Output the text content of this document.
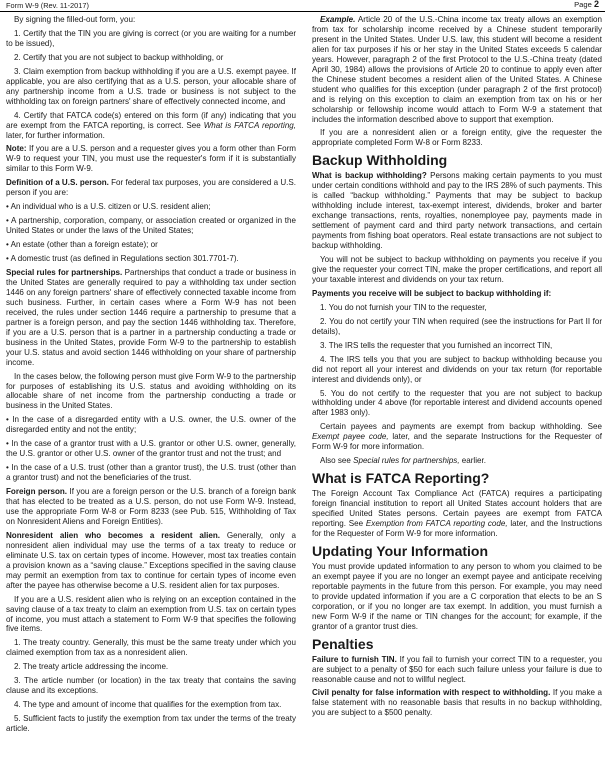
Form W-9 (Rev. 11-2017)	Page 2

By signing the filled-out form, you:

1. Certify that the TIN you are giving is correct (or you are waiting for a number to be issued),

2. Certify that you are not subject to backup withholding, or

3. Claim exemption from backup withholding if you are a U.S. exempt payee. If applicable, you are also certifying that as a U.S. person, your allocable share of any partnership income from a U.S. trade or business is not subject to the withholding tax on foreign partners' share of effectively connected income, and

4. Certify that FATCA code(s) entered on this form (if any) indicating that you are exempt from the FATCA reporting, is correct. See What is FATCA reporting, later, for further information.

Note: If you are a U.S. person and a requester gives you a form other than Form W-9 to request your TIN, you must use the requester's form if it is substantially similar to this Form W-9.

Definition of a U.S. person. For federal tax purposes, you are considered a U.S. person if you are:

• An individual who is a U.S. citizen or U.S. resident alien;

• A partnership, corporation, company, or association created or organized in the United States or under the laws of the United States;

• An estate (other than a foreign estate); or

• A domestic trust (as defined in Regulations section 301.7701-7).

Special rules for partnerships. Partnerships that conduct a trade or business in the United States are generally required to pay a withholding tax under section 1446 on any foreign partners' share of effectively connected taxable income from such business. Further, in certain cases where a Form W-9 has not been received, the rules under section 1446 require a partnership to presume that a partner is a foreign person, and pay the section 1446 withholding tax. Therefore, if you are a U.S. person that is a partner in a partnership conducting a trade or business in the United States, provide Form W-9 to the partnership to establish your U.S. status and avoid section 1446 withholding on your share of partnership income.

In the cases below, the following person must give Form W-9 to the partnership for purposes of establishing its U.S. status and avoiding withholding on its allocable share of net income from the partnership conducting a trade or business in the United States.

• In the case of a disregarded entity with a U.S. owner, the U.S. owner of the disregarded entity and not the entity;

• In the case of a grantor trust with a U.S. grantor or other U.S. owner, generally, the U.S. grantor or other U.S. owner of the grantor trust and not the trust; and

• In the case of a U.S. trust (other than a grantor trust), the U.S. trust (other than a grantor trust) and not the beneficiaries of the trust.

Foreign person. If you are a foreign person or the U.S. branch of a foreign bank that has elected to be treated as a U.S. person, do not use Form W-9. Instead, use the appropriate Form W-8 or Form 8233 (see Pub. 515, Withholding of Tax on Nonresident Aliens and Foreign Entities).

Nonresident alien who becomes a resident alien. Generally, only a nonresident alien individual may use the terms of a tax treaty to reduce or eliminate U.S. tax on certain types of income. However, most tax treaties contain a provision known as a “saving clause.” Exceptions specified in the saving clause may permit an exemption from tax to continue for certain types of income even after the payee has otherwise become a U.S. resident alien for tax purposes.

If you are a U.S. resident alien who is relying on an exception contained in the saving clause of a tax treaty to claim an exemption from U.S. tax on certain types of income, you must attach a statement to Form W-9 that specifies the following five items.

1. The treaty country. Generally, this must be the same treaty under which you claimed exemption from tax as a nonresident alien.

2. The treaty article addressing the income.

3. The article number (or location) in the tax treaty that contains the saving clause and its exceptions.

4. The type and amount of income that qualifies for the exemption from tax.

5. Sufficient facts to justify the exemption from tax under the terms of the treaty article.

Example. Article 20 of the U.S.-China income tax treaty allows an exemption from tax for scholarship income received by a Chinese student temporarily present in the United States. Under U.S. law, this student will become a resident alien for tax purposes if his or her stay in the United States exceeds 5 calendar years. However, paragraph 2 of the first Protocol to the U.S.-China treaty (dated April 30, 1984) allows the provisions of Article 20 to continue to apply even after the Chinese student becomes a resident alien of the United States. A Chinese student who qualifies for this exception (under paragraph 2 of the first protocol) and is relying on this exception to claim an exemption from tax on his or her scholarship or fellowship income would attach to Form W-9 a statement that includes the information described above to support that exemption.

If you are a nonresident alien or a foreign entity, give the requester the appropriate completed Form W-8 or Form 8233.

Backup Withholding

What is backup withholding? Persons making certain payments to you must under certain conditions withhold and pay to the IRS 28% of such payments. This is called “backup withholding.” Payments that may be subject to backup withholding include interest, tax-exempt interest, dividends, broker and barter exchange transactions, rents, royalties, nonemployee pay, payments made in settlement of payment card and third party network transactions, and certain payments from fishing boat operators. Real estate transactions are not subject to backup withholding.

You will not be subject to backup withholding on payments you receive if you give the requester your correct TIN, make the proper certifications, and report all your taxable interest and dividends on your tax return.

Payments you receive will be subject to backup withholding if:

1. You do not furnish your TIN to the requester,

2. You do not certify your TIN when required (see the instructions for Part II for details),

3. The IRS tells the requester that you furnished an incorrect TIN,

4. The IRS tells you that you are subject to backup withholding because you did not report all your interest and dividends on your tax return (for reportable interest and dividends only), or

5. You do not certify to the requester that you are not subject to backup withholding under 4 above (for reportable interest and dividend accounts opened after 1983 only).

Certain payees and payments are exempt from backup withholding. See Exempt payee code, later, and the separate Instructions for the Requester of Form W-9 for more information.

Also see Special rules for partnerships, earlier.

What is FATCA Reporting?

The Foreign Account Tax Compliance Act (FATCA) requires a participating foreign financial institution to report all United States account holders that are specified United States persons. Certain payees are exempt from FATCA reporting. See Exemption from FATCA reporting code, later, and the Instructions for the Requester of Form W-9 for more information.

Updating Your Information

You must provide updated information to any person to whom you claimed to be an exempt payee if you are no longer an exempt payee and anticipate receiving reportable payments in the future from this person. For example, you may need to provide updated information if you are a C corporation that elects to be an S corporation, or if you no longer are tax exempt. In addition, you must furnish a new Form W-9 if the name or TIN changes for the account; for example, if the grantor of a grantor trust dies.

Penalties

Failure to furnish TIN. If you fail to furnish your correct TIN to a requester, you are subject to a penalty of $50 for each such failure unless your failure is due to reasonable cause and not to willful neglect.

Civil penalty for false information with respect to withholding. If you make a false statement with no reasonable basis that results in no backup withholding, you are subject to a $500 penalty.
